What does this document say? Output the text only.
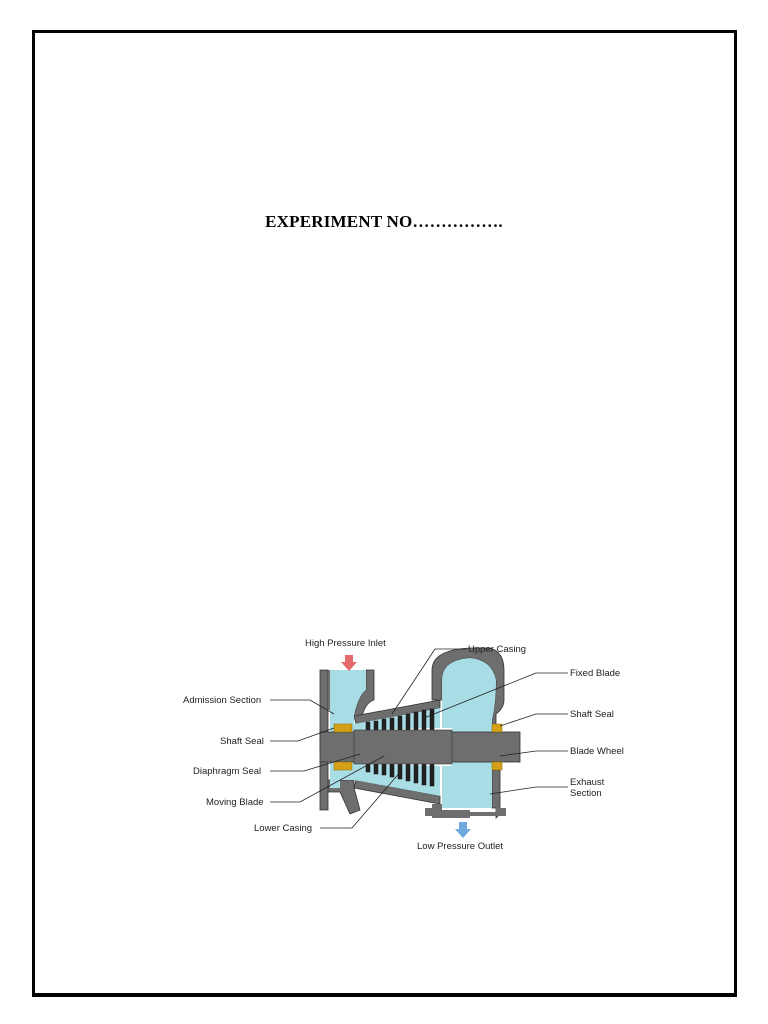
EXPERIMENT NO…………….
High Pressure Inlet
Upper Casing
Fixed Blade
Admission Section
Shaft Seal
Shaft Seal
Blade Wheel
Diaphragm Seal
Exhaust
Section
Moving Blade
Lower Casing
Low Pressure Outlet
